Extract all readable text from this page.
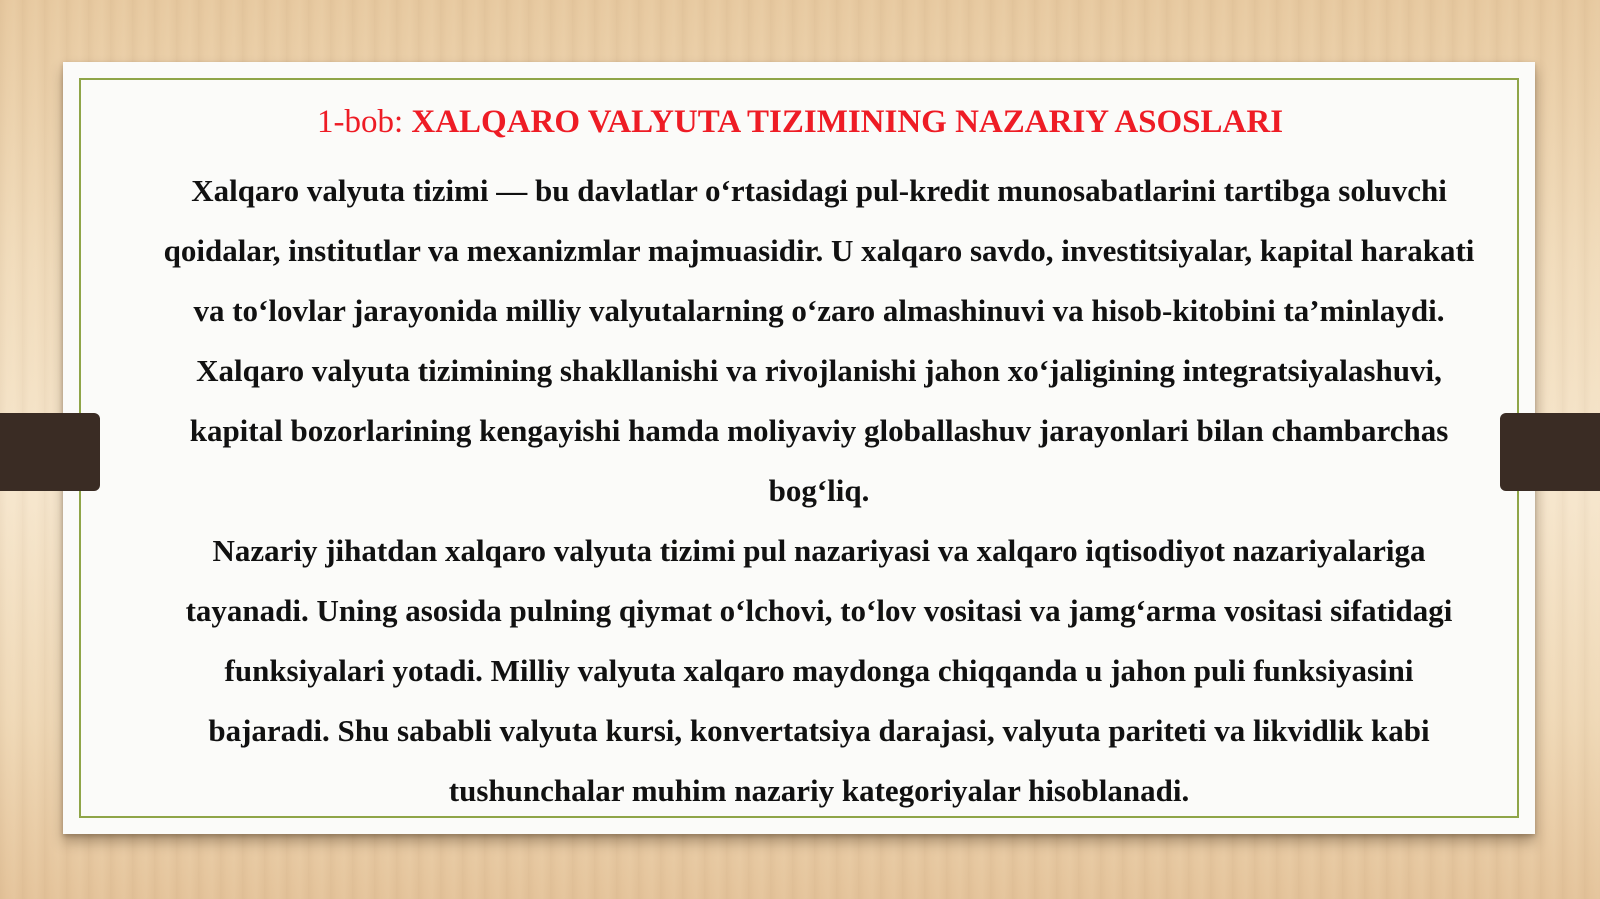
1-bob: XALQARO VALYUTA TIZIMINING NAZARIY ASOSLARI

Xalqaro valyuta tizimi — bu davlatlar o‘rtasidagi pul-kredit munosabatlarini tartibga soluvchi qoidalar, institutlar va mexanizmlar majmuasidir. U xalqaro savdo, investitsiyalar, kapital harakati va to‘lovlar jarayonida milliy valyutalarning o‘zaro almashinuvi va hisob-kitobini ta’minlaydi. Xalqaro valyuta tizimining shakllanishi va rivojlanishi jahon xo‘jaligining integratsiyalashuvi, kapital bozorlarining kengayishi hamda moliyaviy globallashuv jarayonlari bilan chambarchas bog‘liq.

Nazariy jihatdan xalqaro valyuta tizimi pul nazariyasi va xalqaro iqtisodiyot nazariyalariga tayanadi. Uning asosida pulning qiymat o‘lchovi, to‘lov vositasi va jamg‘arma vositasi sifatidagi funksiyalari yotadi. Milliy valyuta xalqaro maydonga chiqqanda u jahon puli funksiyasini bajaradi. Shu sababli valyuta kursi, konvertatsiya darajasi, valyuta pariteti va likvidlik kabi tushunchalar muhim nazariy kategoriyalar hisoblanadi.
